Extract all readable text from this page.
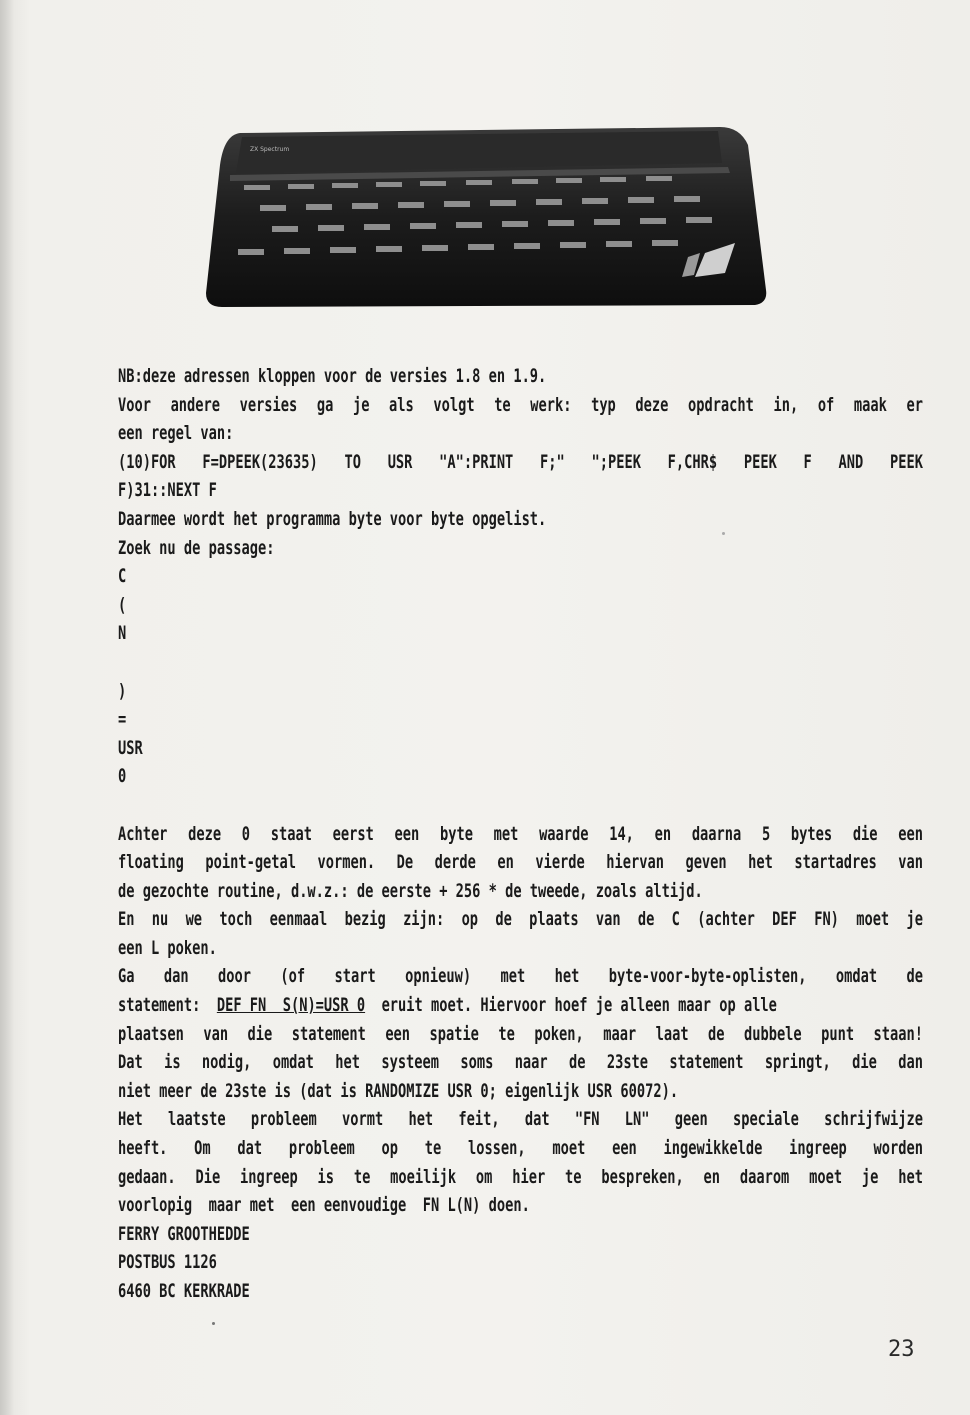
ZX Spectrum
NB:deze adressen kloppen voor de versies 1.8 en 1.9.
Voor andere versies ga je als volgt te werk: typ deze opdracht in, of maak er
een regel van:
(10)FOR F=DPEEK(23635) TO USR "A":PRINT F;" ";PEEK F,CHR$ PEEK F AND PEEK
F)31::NEXT F
Daarmee wordt het programma byte voor byte opgelist.
Zoek nu de passage:
C
(
N
)
=
USR
0
Achter deze 0 staat eerst een byte met waarde 14, en daarna 5 bytes die een
floating point-getal vormen. De derde en vierde hiervan geven het startadres van
de gezochte routine, d.w.z.: de eerste + 256 * de tweede, zoals altijd.
En nu we toch eenmaal bezig zijn: op de plaats van de C (achter DEF FN) moet je
een L poken.
Ga dan door (of start opnieuw) met het byte-voor-byte-oplisten, omdat de
statement:  DEF FN  S(N)=USR 0  eruit moet. Hiervoor hoef je alleen maar op alle
plaatsen van die statement een spatie te poken, maar laat de dubbele punt staan!
Dat is nodig, omdat het systeem soms naar de 23ste statement springt, die dan
niet meer de 23ste is (dat is RANDOMIZE USR 0; eigenlijk USR 60072).
Het laatste probleem vormt het feit, dat "FN LN" geen speciale schrijfwijze
heeft. Om dat probleem op te lossen, moet een ingewikkelde ingreep worden
gedaan. Die ingreep is te moeilijk om hier te bespreken, en daarom moet je het
voorlopig  maar met  een eenvoudige  FN L(N) doen.
FERRY GROOTHEDDE
POSTBUS 1126
6460 BC KERKRADE
23
